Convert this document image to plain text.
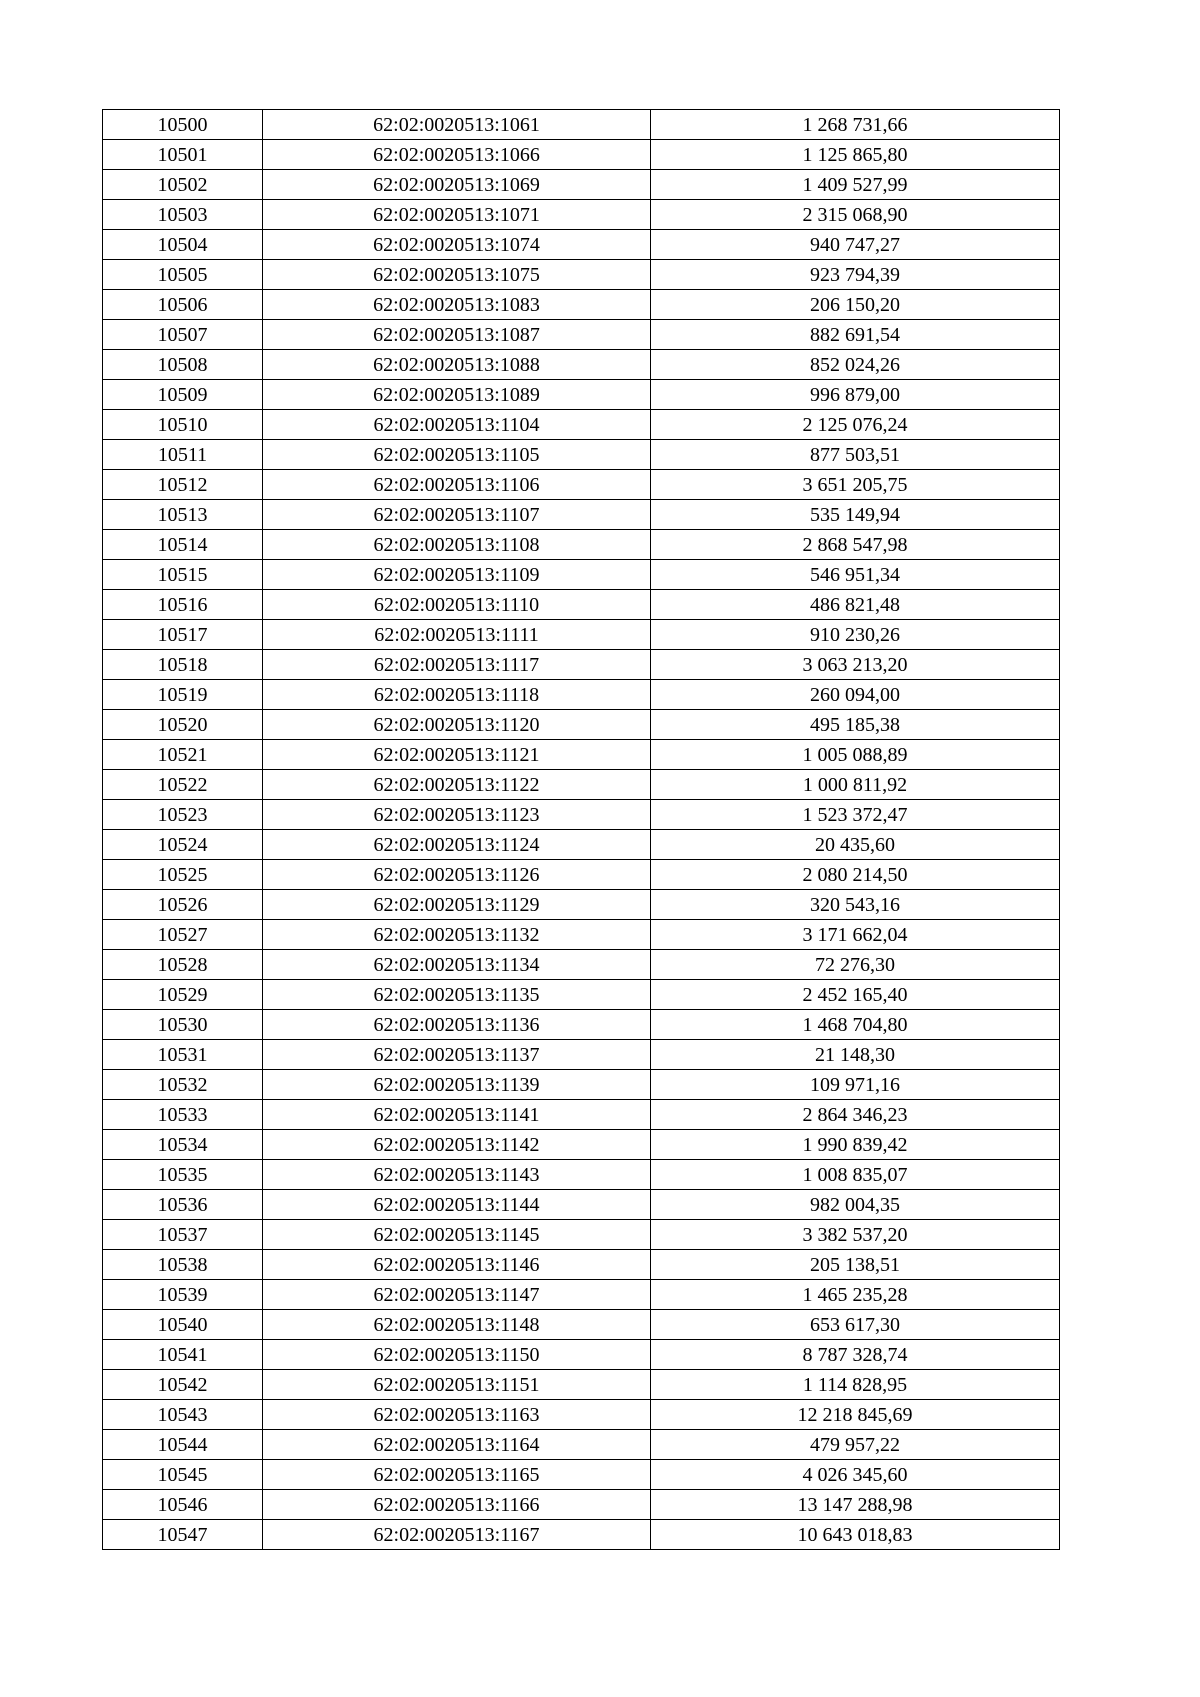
10500	62:02:0020513:1061	1 268 731,66
10501	62:02:0020513:1066	1 125 865,80
10502	62:02:0020513:1069	1 409 527,99
10503	62:02:0020513:1071	2 315 068,90
10504	62:02:0020513:1074	940 747,27
10505	62:02:0020513:1075	923 794,39
10506	62:02:0020513:1083	206 150,20
10507	62:02:0020513:1087	882 691,54
10508	62:02:0020513:1088	852 024,26
10509	62:02:0020513:1089	996 879,00
10510	62:02:0020513:1104	2 125 076,24
10511	62:02:0020513:1105	877 503,51
10512	62:02:0020513:1106	3 651 205,75
10513	62:02:0020513:1107	535 149,94
10514	62:02:0020513:1108	2 868 547,98
10515	62:02:0020513:1109	546 951,34
10516	62:02:0020513:1110	486 821,48
10517	62:02:0020513:1111	910 230,26
10518	62:02:0020513:1117	3 063 213,20
10519	62:02:0020513:1118	260 094,00
10520	62:02:0020513:1120	495 185,38
10521	62:02:0020513:1121	1 005 088,89
10522	62:02:0020513:1122	1 000 811,92
10523	62:02:0020513:1123	1 523 372,47
10524	62:02:0020513:1124	20 435,60
10525	62:02:0020513:1126	2 080 214,50
10526	62:02:0020513:1129	320 543,16
10527	62:02:0020513:1132	3 171 662,04
10528	62:02:0020513:1134	72 276,30
10529	62:02:0020513:1135	2 452 165,40
10530	62:02:0020513:1136	1 468 704,80
10531	62:02:0020513:1137	21 148,30
10532	62:02:0020513:1139	109 971,16
10533	62:02:0020513:1141	2 864 346,23
10534	62:02:0020513:1142	1 990 839,42
10535	62:02:0020513:1143	1 008 835,07
10536	62:02:0020513:1144	982 004,35
10537	62:02:0020513:1145	3 382 537,20
10538	62:02:0020513:1146	205 138,51
10539	62:02:0020513:1147	1 465 235,28
10540	62:02:0020513:1148	653 617,30
10541	62:02:0020513:1150	8 787 328,74
10542	62:02:0020513:1151	1 114 828,95
10543	62:02:0020513:1163	12 218 845,69
10544	62:02:0020513:1164	479 957,22
10545	62:02:0020513:1165	4 026 345,60
10546	62:02:0020513:1166	13 147 288,98
10547	62:02:0020513:1167	10 643 018,83
